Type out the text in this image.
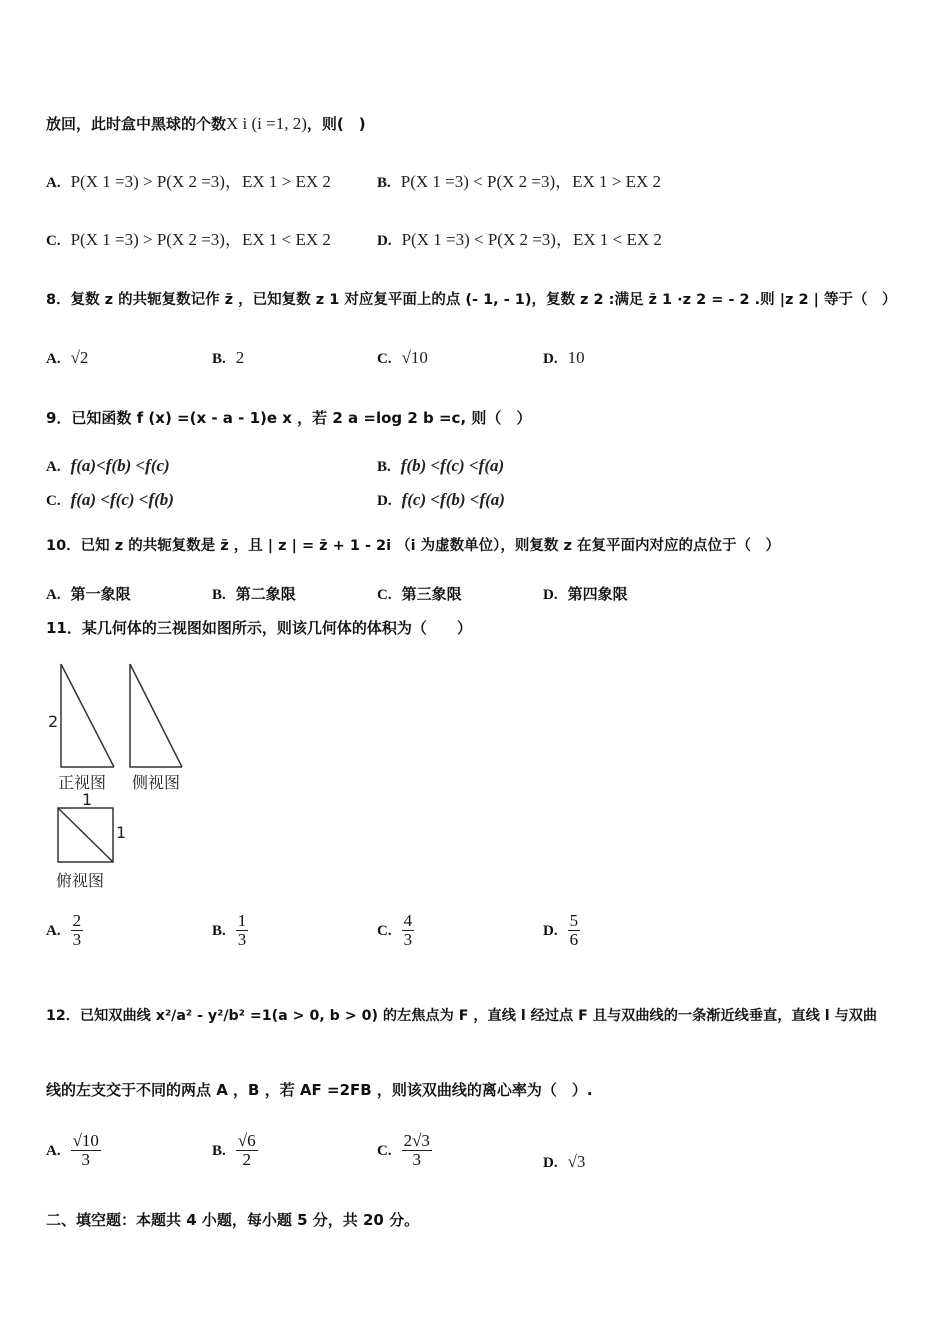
放回，此时盒中黑球的个数X i (i =1, 2)，则(　)
A. P(X 1 =3) > P(X 2 =3)，EX 1 > EX 2	B. P(X 1 =3) < P(X 2 =3)，EX 1 > EX 2
C. P(X 1 =3) > P(X 2 =3)，EX 1 < EX 2	D. P(X 1 =3) < P(X 2 =3)，EX 1 < EX 2
8．复数 z 的共轭复数记作 z̄ ，已知复数 z 1 对应复平面上的点 (- 1, - 1)，复数 z 2 :满足 z̄ 1 ·z 2 = - 2 .则 |z 2 | 等于（　）
A. √2	B. 2	C. √10	D. 10
9．已知函数 f (x) =(x - a - 1)e x ，若 2 a =log 2 b =c, 则（　）
A. f(a)<f(b) <f(c)	B. f(b) <f(c) <f(a)
C. f(a) <f(c) <f(b)	D. f(c) <f(b) <f(a)
10．已知 z 的共轭复数是 z̄ ，且 | z | = z̄ + 1 - 2i （i 为虚数单位），则复数 z 在复平面内对应的点位于（　）
A. 第一象限	B. 第二象限	C. 第三象限	D. 第四象限
11．某几何体的三视图如图所示，则该几何体的体积为（　　）
2
正视图 侧视图
1
1
俯视图
A. $\frac{2}{3}$	B. $\frac{1}{3}$	C. $\frac{4}{3}$	D. $\frac{5}{6}$
12．已知双曲线 x²/a² - y²/b² =1(a > 0, b > 0) 的左焦点为 F ，直线 l 经过点 F 且与双曲线的一条渐近线垂直，直线 l 与双曲
线的左支交于不同的两点 A ，B ，若 AF =2FB ，则该双曲线的离心率为（　）.
A. $\frac{√10}{3}$	B. $\frac{√6}{2}$	C. $\frac{2√3}{3}$	D. √3
二、填空题：本题共 4 小题，每小题 5 分，共 20 分。
